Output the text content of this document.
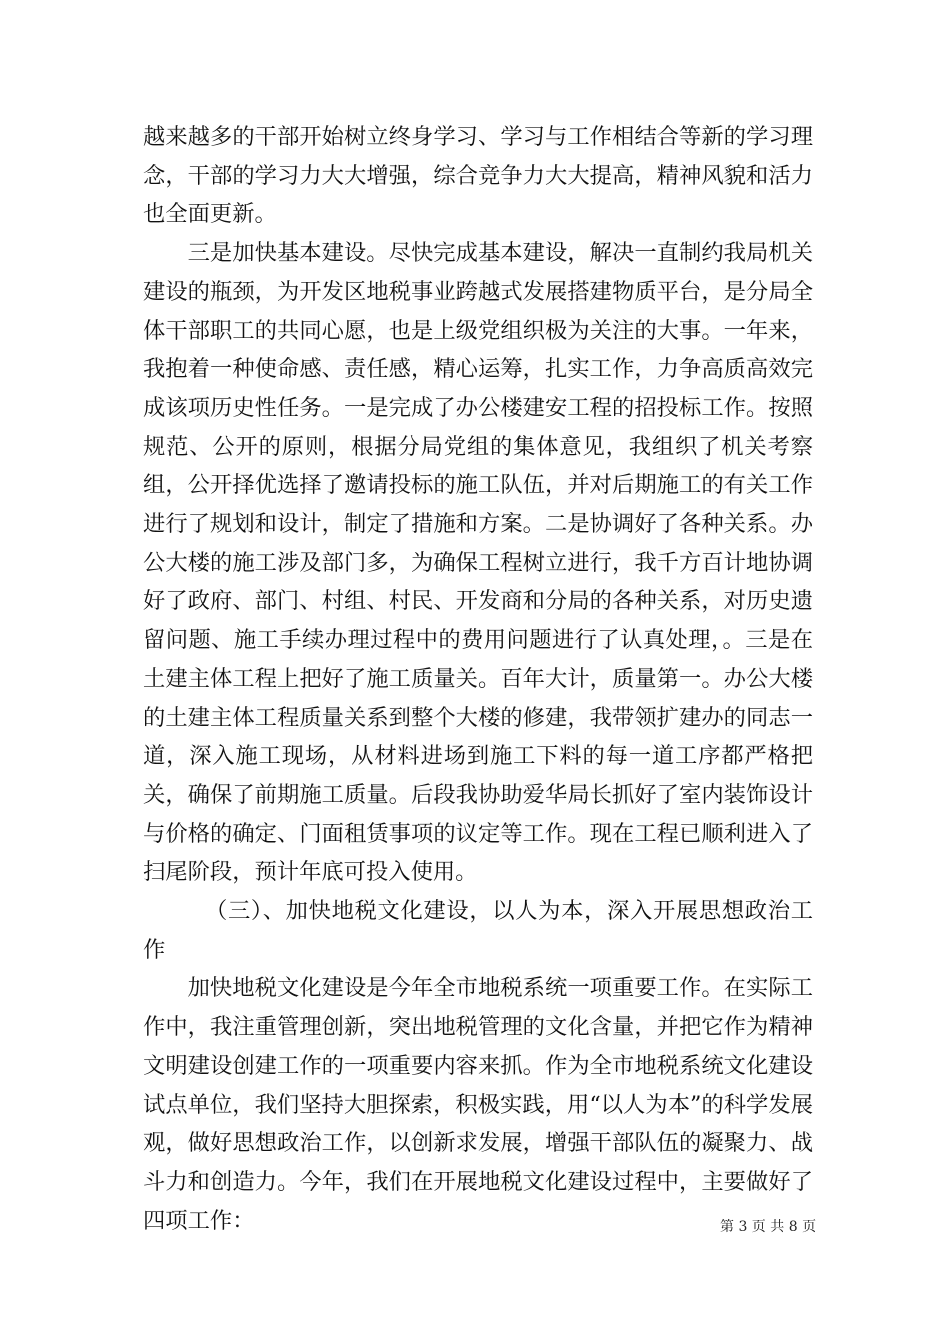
越来越多的干部开始树立终身学习、学习与工作相结合等新的学习理念，干部的学习力大大增强，综合竞争力大大提高，精神风貌和活力也全面更新。

三是加快基本建设。尽快完成基本建设，解决一直制约我局机关建设的瓶颈，为开发区地税事业跨越式发展搭建物质平台，是分局全体干部职工的共同心愿，也是上级党组织极为关注的大事。一年来，我抱着一种使命感、责任感，精心运筹，扎实工作，力争高质高效完成该项历史性任务。一是完成了办公楼建安工程的招投标工作。按照规范、公开的原则，根据分局党组的集体意见，我组织了机关考察组，公开择优选择了邀请投标的施工队伍，并对后期施工的有关工作进行了规划和设计，制定了措施和方案。二是协调好了各种关系。办公大楼的施工涉及部门多，为确保工程树立进行，我千方百计地协调好了政府、部门、村组、村民、开发商和分局的各种关系，对历史遗留问题、施工手续办理过程中的费用问题进行了认真处理，。三是在土建主体工程上把好了施工质量关。百年大计，质量第一。办公大楼的土建主体工程质量关系到整个大楼的修建，我带领扩建办的同志一道，深入施工现场，从材料进场到施工下料的每一道工序都严格把关，确保了前期施工质量。后段我协助爱华局长抓好了室内装饰设计与价格的确定、门面租赁事项的议定等工作。现在工程已顺利进入了扫尾阶段，预计年底可投入使用。

（三）、加快地税文化建设，以人为本，深入开展思想政治工作

加快地税文化建设是今年全市地税系统一项重要工作。在实际工作中，我注重管理创新，突出地税管理的文化含量，并把它作为精神文明建设创建工作的一项重要内容来抓。作为全市地税系统文化建设试点单位，我们坚持大胆探索，积极实践，用“以人为本”的科学发展观，做好思想政治工作，以创新求发展，增强干部队伍的凝聚力、战斗力和创造力。今年，我们在开展地税文化建设过程中，主要做好了四项工作：	第 3 页 共 8 页
